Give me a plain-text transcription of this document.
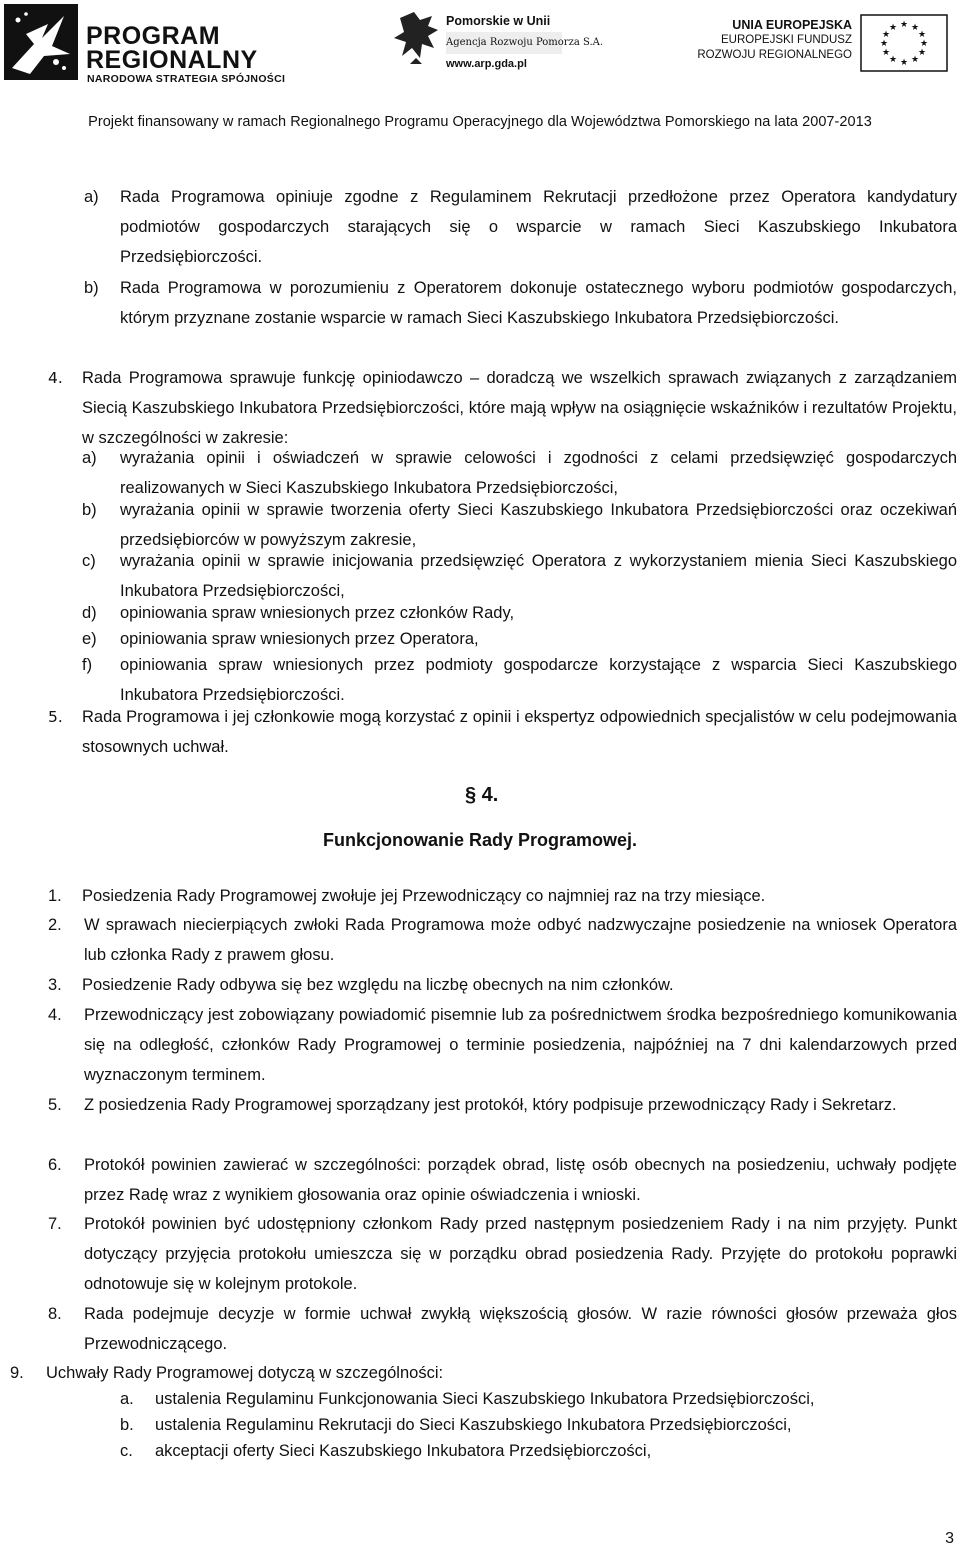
PROGRAM
REGIONALNY
NARODOWA STRATEGIA SPÓJNOŚCI
Pomorskie w Unii
Agencja Rozwoju Pomorza S.A.
www.arp.gda.pl
UNIA EUROPEJSKA
EUROPEJSKI FUNDUSZ
ROZWOJU REGIONALNEGO
★ ★
★
★
★
★
★
★
★
★
★
★
Projekt finansowany w ramach Regionalnego Programu Operacyjnego dla Województwa Pomorskiego na lata 2007-2013
a) Rada Programowa opiniuje zgodne z Regulaminem Rekrutacji przedłożone przez Operatora kandydatury podmiotów gospodarczych starających się o wsparcie w ramach Sieci Kaszubskiego Inkubatora Przedsiębiorczości.
b) Rada Programowa w porozumieniu z Operatorem dokonuje ostatecznego wyboru podmiotów gospodarczych, którym przyznane zostanie wsparcie w ramach Sieci Kaszubskiego Inkubatora Przedsiębiorczości.
4. Rada Programowa sprawuje funkcję opiniodawczo – doradczą we wszelkich sprawach związanych z zarządzaniem Siecią Kaszubskiego Inkubatora Przedsiębiorczości, które mają wpływ na osiągnięcie wskaźników i rezultatów Projektu, w szczególności w zakresie:
a) wyrażania opinii i oświadczeń w sprawie celowości i zgodności z celami przedsięwzięć gospodarczych realizowanych w Sieci Kaszubskiego Inkubatora Przedsiębiorczości,
b) wyrażania opinii w sprawie tworzenia oferty Sieci Kaszubskiego Inkubatora Przedsiębiorczości oraz oczekiwań przedsiębiorców w powyższym zakresie,
c) wyrażania opinii w sprawie inicjowania przedsięwzięć Operatora z wykorzystaniem mienia Sieci Kaszubskiego Inkubatora Przedsiębiorczości,
d) opiniowania spraw wniesionych przez członków Rady,
e) opiniowania spraw wniesionych przez Operatora,
f) opiniowania spraw wniesionych przez podmioty gospodarcze korzystające z wsparcia Sieci Kaszubskiego Inkubatora Przedsiębiorczości.
5. Rada Programowa i jej członkowie mogą korzystać z opinii i ekspertyz odpowiednich specjalistów w celu podejmowania stosownych uchwał.
§ 4.
Funkcjonowanie Rady Programowej.
1. Posiedzenia Rady Programowej zwołuje jej Przewodniczący co najmniej raz na trzy miesiące.
2. W sprawach niecierpiących zwłoki Rada Programowa może odbyć nadzwyczajne posiedzenie na wniosek Operatora lub członka Rady z prawem głosu.
3. Posiedzenie Rady odbywa się bez względu na liczbę obecnych na nim członków.
4. Przewodniczący jest zobowiązany powiadomić pisemnie lub za pośrednictwem środka bezpośredniego komunikowania się na odległość, członków Rady Programowej o terminie posiedzenia, najpóźniej na 7 dni kalendarzowych przed wyznaczonym terminem.
5. Z posiedzenia Rady Programowej sporządzany jest protokół, który podpisuje przewodniczący Rady i Sekretarz.
6. Protokół powinien zawierać w szczególności: porządek obrad, listę osób obecnych na posiedzeniu, uchwały podjęte przez Radę wraz z wynikiem głosowania oraz opinie oświadczenia i wnioski.
7. Protokół powinien być udostępniony członkom Rady przed następnym posiedzeniem Rady i na nim przyjęty. Punkt dotyczący przyjęcia protokołu umieszcza się w porządku obrad posiedzenia Rady. Przyjęte do protokołu poprawki odnotowuje się w kolejnym protokole.
8. Rada podejmuje decyzje w formie uchwał zwykłą większością głosów. W razie równości głosów przeważa głos Przewodniczącego.
9. Uchwały Rady Programowej dotyczą w szczególności:
a. ustalenia Regulaminu Funkcjonowania Sieci Kaszubskiego Inkubatora Przedsiębiorczości,
b. ustalenia Regulaminu Rekrutacji do Sieci Kaszubskiego Inkubatora Przedsiębiorczości,
c. akceptacji oferty Sieci Kaszubskiego Inkubatora Przedsiębiorczości,
3
